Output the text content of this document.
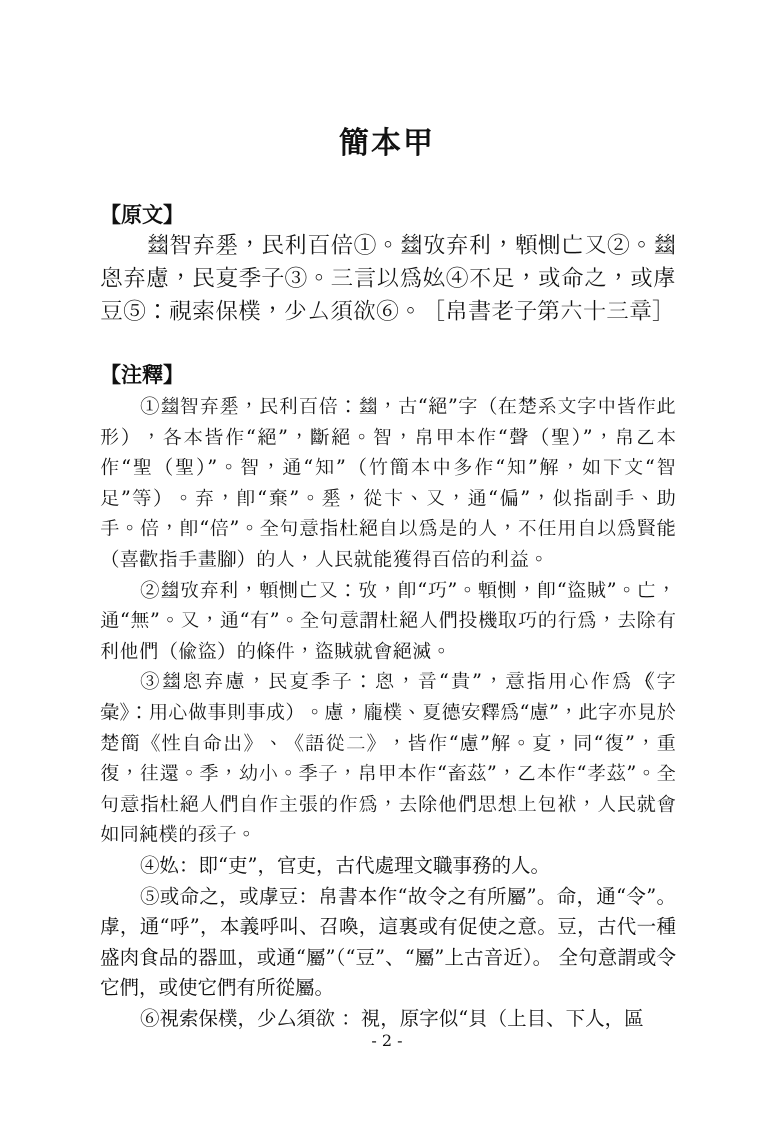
簡本甲
【原文】

　　𢇍智弃𢀩，民利百倍①。𢇍攷弃利，䫌惻亡又②。𢇍恖弃慮，民㚆季子③。三言以爲𡚸④不足，或命之，或虖豆⑤：視索保樸，少厶須欲⑥。［帛書老子第六十三章］

【注釋】

①𢇍智弃𢀩，民利百倍：𢇍，古“絕”字（在楚系文字中皆作此形），各本皆作“絕”，斷絕。智，帛甲本作“聲（聖）”，帛乙本作“聖（聖）”。智，通“知”（竹簡本中多作“知”解，如下文“智足”等）。弃，即“棄”。𢀩，從卞、又，通“偏”，似指副手、助手。倍，即“倍”。全句意指杜絕自以爲是的人，不任用自以爲賢能（喜歡指手畫腳）的人，人民就能獲得百倍的利益。

②𢇍攷弃利，䫌惻亡又：攷，即“巧”。䫌惻，即“盜賊”。亡，通“無”。又，通“有”。全句意謂杜絕人們投機取巧的行爲，去除有利他們（偷盜）的條件，盜賊就會絕滅。

③𢇍恖弃慮，民㚆季子：恖，音“貴”，意指用心作爲（《字彙》：用心做事則事成）。慮，龐樸、夏德安釋爲“慮”，此字亦見於楚簡《性自命出》、《語從二》，皆作“慮”解。㚆，同“復”，重復，往還。季，幼小。季子，帛甲本作“畜茲”，乙本作“孝茲”。全句意指杜絕人們自作主張的作爲，去除他們思想上包袱，人民就會如同純樸的孩子。

④𡚸：即“吏”，官吏，古代處理文職事務的人。

⑤或命之，或虖豆：帛書本作“故令之有所屬”。命，通“令”。虖，通“呼”，本義呼叫、召喚，這裏或有促使之意。豆，古代一種盛肉食品的器皿，或通“屬”（“豆”、“屬”上古音近）。 全句意謂或令它們，或使它們有所從屬。

⑥視索保樸，少厶須欲 ：視，原字似“貝（上目、下人，區

- 2 -
